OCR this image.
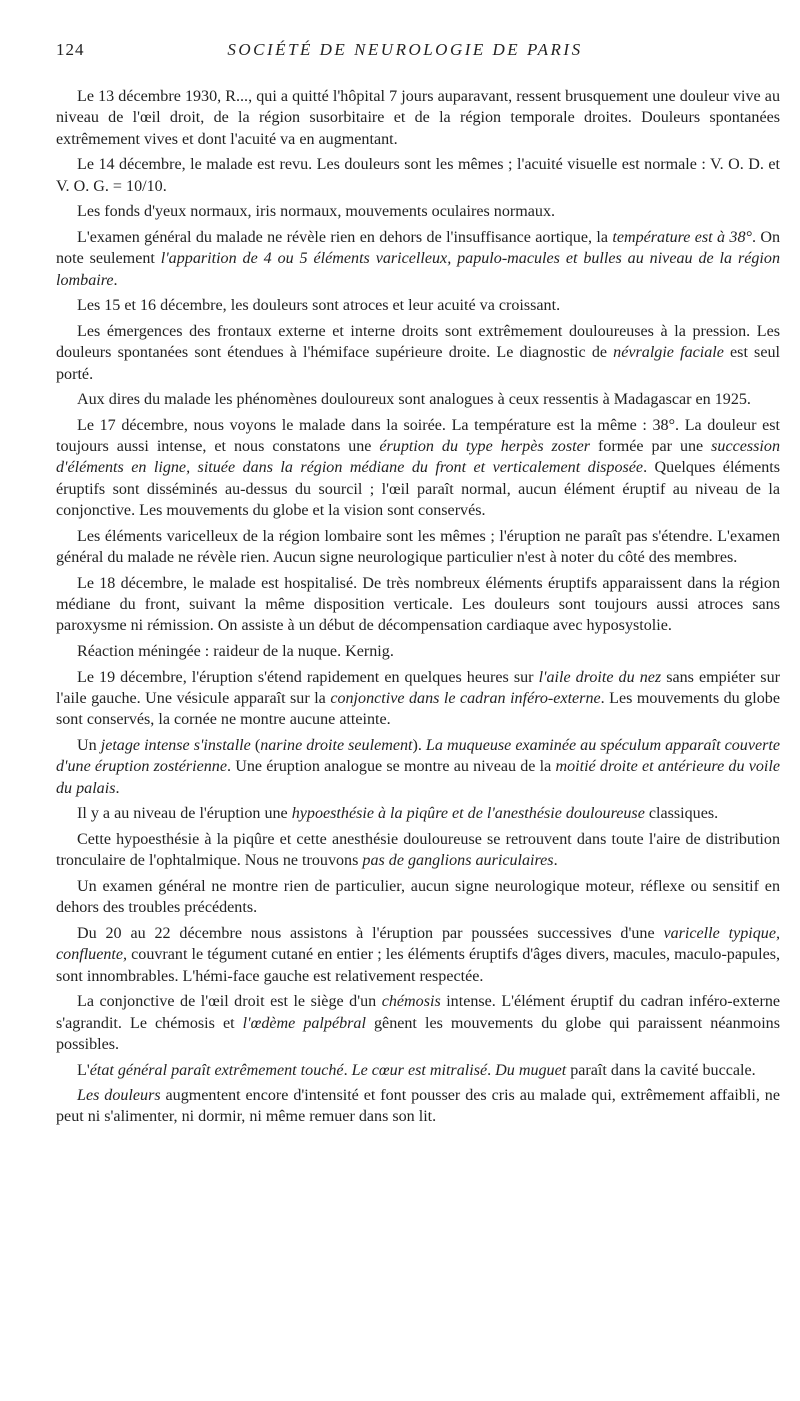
124	SOCIÉTÉ DE NEUROLOGIE DE PARIS

Le 13 décembre 1930, R..., qui a quitté l'hôpital 7 jours auparavant, ressent brusquement une douleur vive au niveau de l'œil droit, de la région susorbitaire et de la région temporale droites. Douleurs spontanées extrêmement vives et dont l'acuité va en augmentant.

Le 14 décembre, le malade est revu. Les douleurs sont les mêmes ; l'acuité visuelle est normale : V. O. D. et V. O. G. = 10/10.

Les fonds d'yeux normaux, iris normaux, mouvements oculaires normaux.

L'examen général du malade ne révèle rien en dehors de l'insuffisance aortique, la température est à 38°. On note seulement l'apparition de 4 ou 5 éléments varicelleux, papulo-macules et bulles au niveau de la région lombaire.

Les 15 et 16 décembre, les douleurs sont atroces et leur acuité va croissant.

Les émergences des frontaux externe et interne droits sont extrêmement douloureuses à la pression. Les douleurs spontanées sont étendues à l'hémiface supérieure droite. Le diagnostic de névralgie faciale est seul porté.

Aux dires du malade les phénomènes douloureux sont analogues à ceux ressentis à Madagascar en 1925.

Le 17 décembre, nous voyons le malade dans la soirée. La température est la même : 38°. La douleur est toujours aussi intense, et nous constatons une éruption du type herpès zoster formée par une succession d'éléments en ligne, située dans la région médiane du front et verticalement disposée. Quelques éléments éruptifs sont disséminés au-dessus du sourcil ; l'œil paraît normal, aucun élément éruptif au niveau de la conjonctive. Les mouvements du globe et la vision sont conservés.

Les éléments varicelleux de la région lombaire sont les mêmes ; l'éruption ne paraît pas s'étendre. L'examen général du malade ne révèle rien. Aucun signe neurologique particulier n'est à noter du côté des membres.

Le 18 décembre, le malade est hospitalisé. De très nombreux éléments éruptifs apparaissent dans la région médiane du front, suivant la même disposition verticale. Les douleurs sont toujours aussi atroces sans paroxysme ni rémission. On assiste à un début de décompensation cardiaque avec hyposystolie.

Réaction méningée : raideur de la nuque. Kernig.

Le 19 décembre, l'éruption s'étend rapidement en quelques heures sur l'aile droite du nez sans empiéter sur l'aile gauche. Une vésicule apparaît sur la conjonctive dans le cadran inféro-externe. Les mouvements du globe sont conservés, la cornée ne montre aucune atteinte.

Un jetage intense s'installe (narine droite seulement). La muqueuse examinée au spéculum apparaît couverte d'une éruption zostérienne. Une éruption analogue se montre au niveau de la moitié droite et antérieure du voile du palais.

Il y a au niveau de l'éruption une hypoesthésie à la piqûre et de l'anesthésie douloureuse classiques.

Cette hypoesthésie à la piqûre et cette anesthésie douloureuse se retrouvent dans toute l'aire de distribution tronculaire de l'ophtalmique. Nous ne trouvons pas de ganglions auriculaires.

Un examen général ne montre rien de particulier, aucun signe neurologique moteur, réflexe ou sensitif en dehors des troubles précédents.

Du 20 au 22 décembre nous assistons à l'éruption par poussées successives d'une varicelle typique, confluente, couvrant le tégument cutané en entier ; les éléments éruptifs d'âges divers, macules, maculo-papules, sont innombrables. L'hémi-face gauche est relativement respectée.

La conjonctive de l'œil droit est le siège d'un chémosis intense. L'élément éruptif du cadran inféro-externe s'agrandit. Le chémosis et l'œdème palpébral gênent les mouvements du globe qui paraissent néanmoins possibles.

L'état général paraît extrêmement touché. Le cœur est mitralisé. Du muguet paraît dans la cavité buccale.

Les douleurs augmentent encore d'intensité et font pousser des cris au malade qui, extrêmement affaibli, ne peut ni s'alimenter, ni dormir, ni même remuer dans son lit.
